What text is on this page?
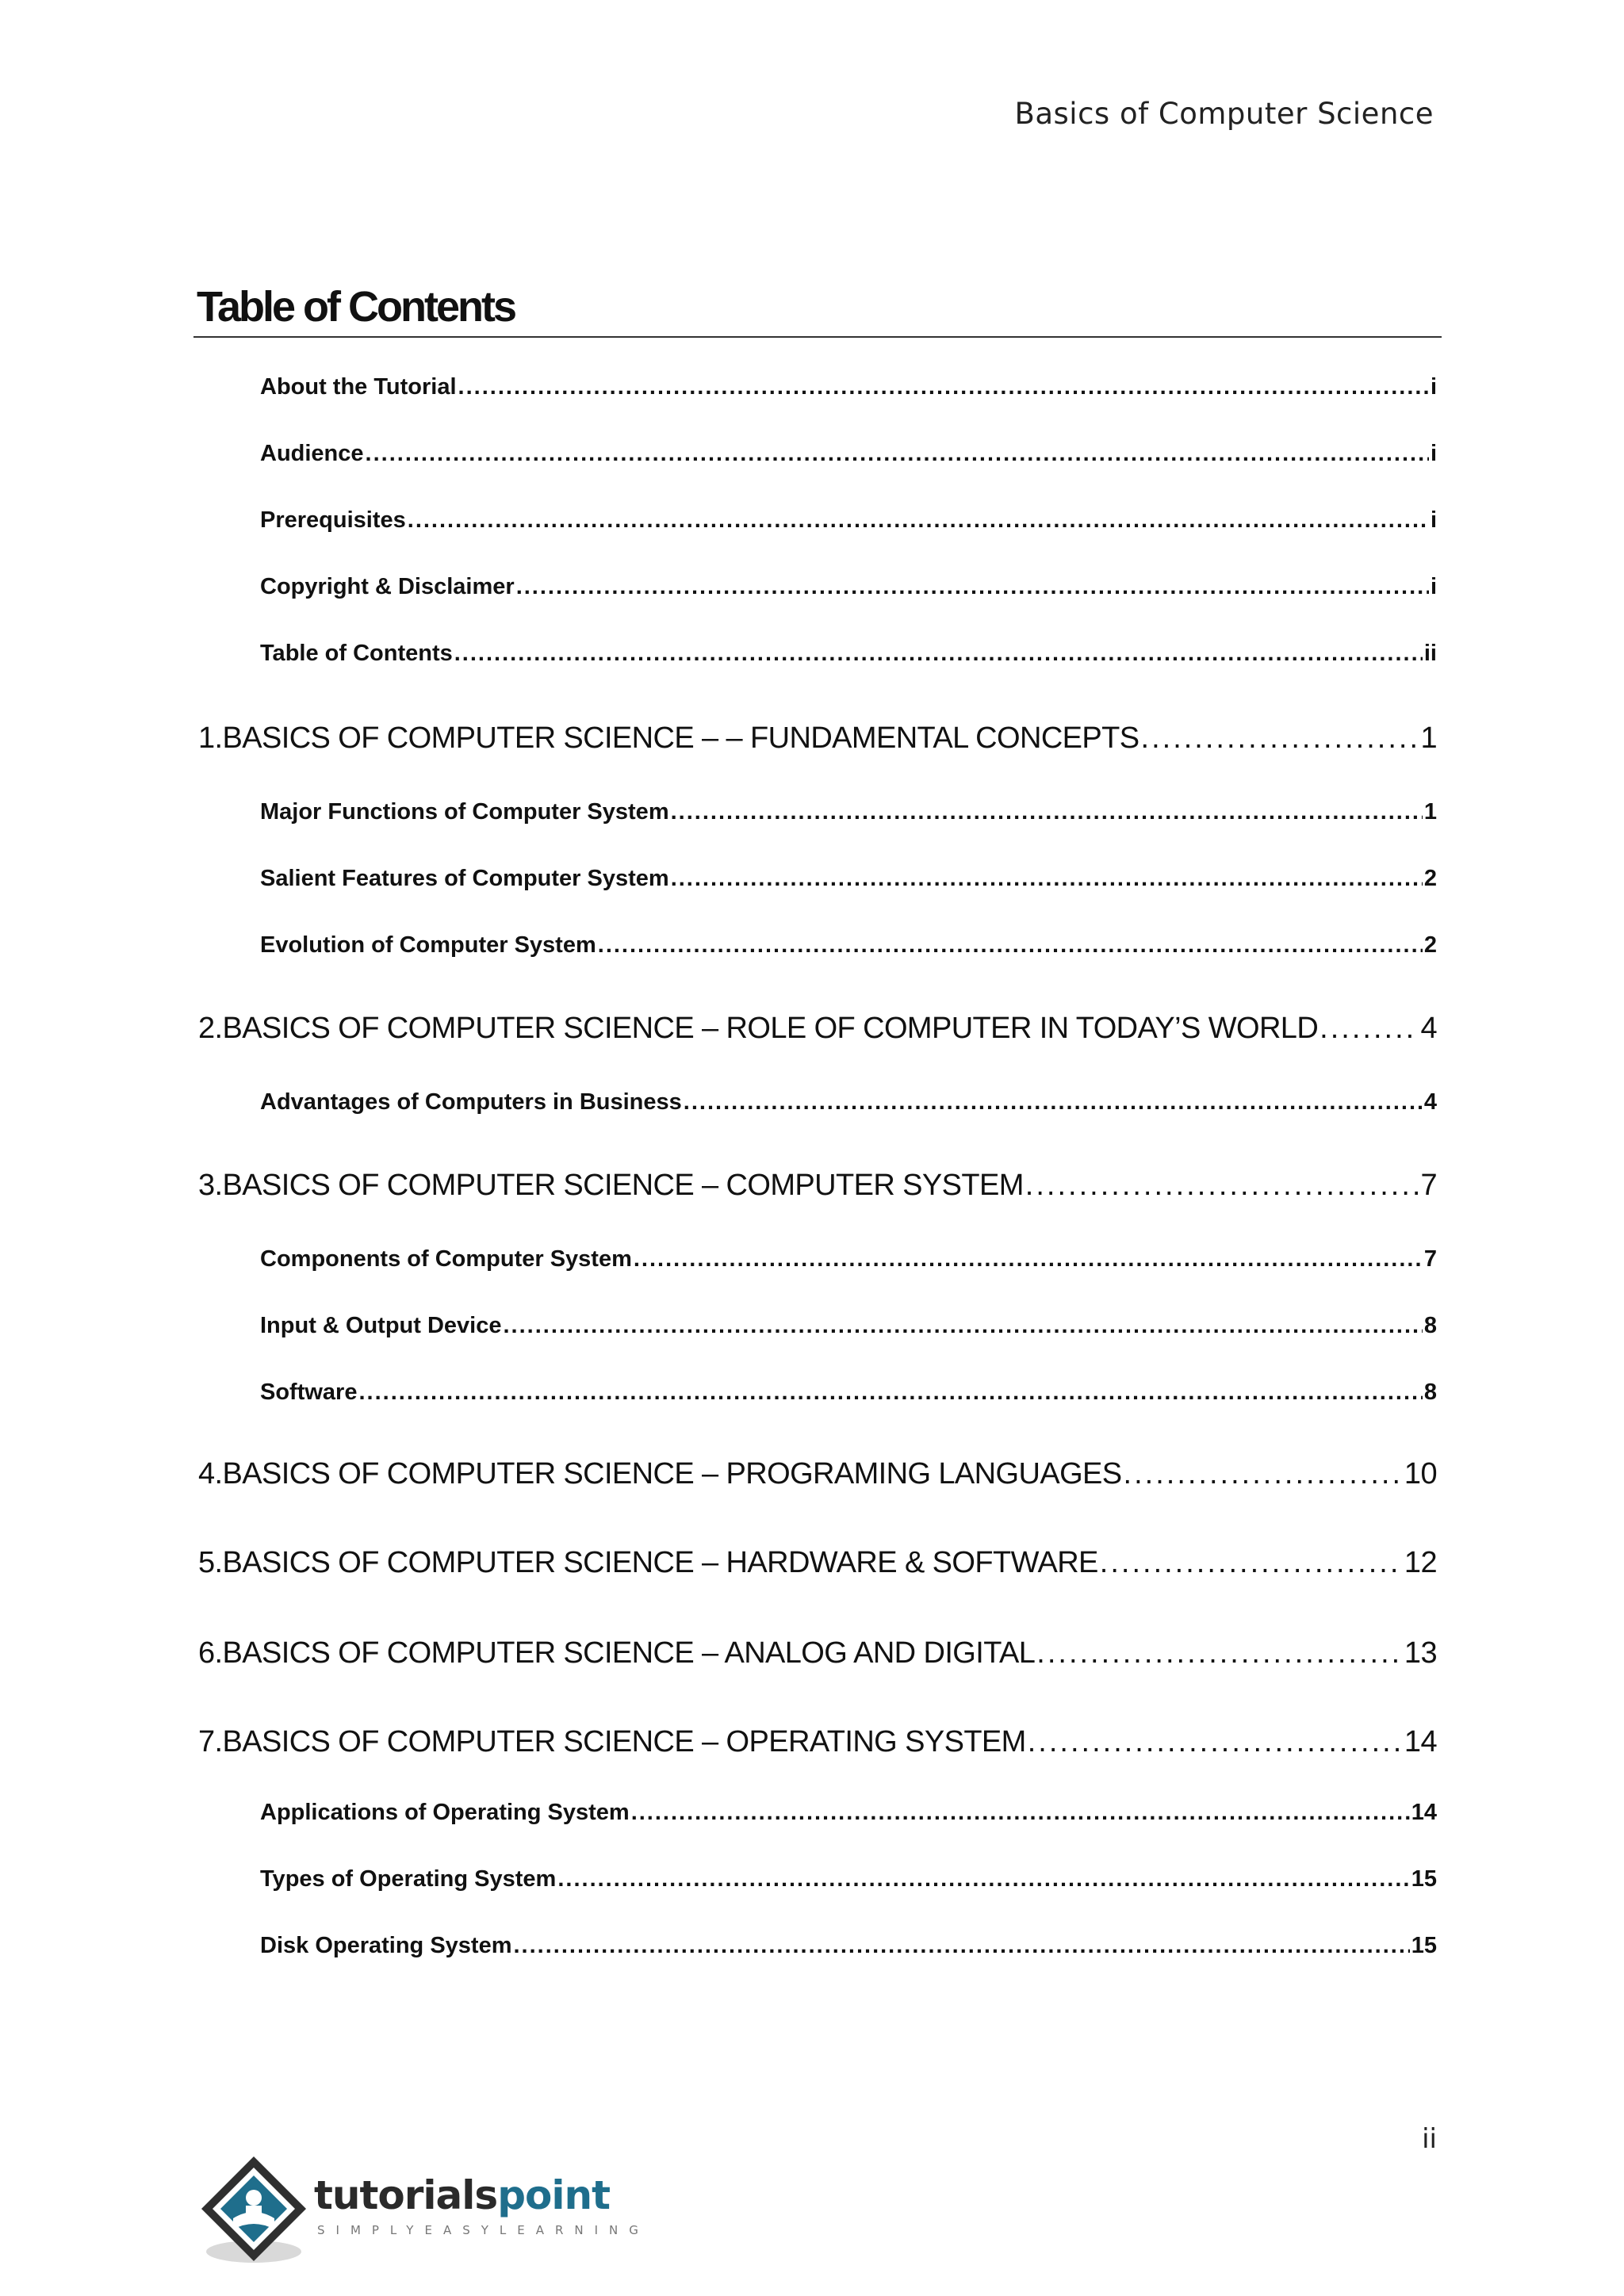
Basics of Computer Science
Table of Contents
About the Tutorial .....	i
Audience .....	i
Prerequisites .....	i
Copyright & Disclaimer .....	i
Table of Contents .....	ii
1. BASICS OF COMPUTER SCIENCE – – FUNDAMENTAL CONCEPTS .....	1
Major Functions of Computer System .....	1
Salient Features of Computer System .....	2
Evolution of Computer System .....	2
2. BASICS OF COMPUTER SCIENCE – ROLE OF COMPUTER IN TODAY’S WORLD .....	4
Advantages of Computers in Business .....	4
3. BASICS OF COMPUTER SCIENCE – COMPUTER SYSTEM .....	7
Components of Computer System .....	7
Input & Output Device .....	8
Software .....	8
4. BASICS OF COMPUTER SCIENCE – PROGRAMING LANGUAGES .....	10
5. BASICS OF COMPUTER SCIENCE – HARDWARE & SOFTWARE .....	12
6. BASICS OF COMPUTER SCIENCE – ANALOG AND DIGITAL .....	13
7. BASICS OF COMPUTER SCIENCE – OPERATING SYSTEM .....	14
Applications of Operating System .....	14
Types of Operating System .....	15
Disk Operating System .....	15
ii
tutorialspoint
SIMPLYEASYLEARNING
